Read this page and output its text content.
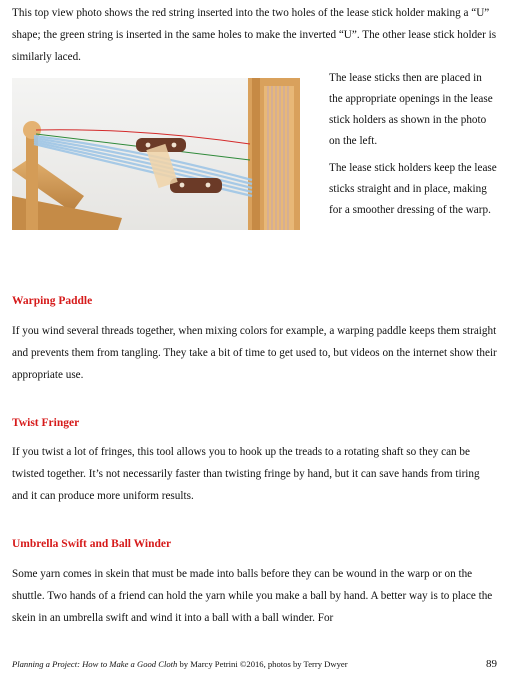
This top view photo shows the red string inserted into the two holes of the lease stick holder making a “U” shape; the green string is inserted in the same holes to make the inverted “U”. The other lease stick holder is similarly laced.

The lease sticks then are placed in the appropriate openings in the lease stick holders as shown in the photo on the left.

The lease stick holders keep the lease sticks straight and in place, making for a smoother dressing of the warp.

Warping Paddle

If you wind several threads together, when mixing colors for example, a warping paddle keeps them straight and prevents them from tangling. They take a bit of time to get used to, but videos on the internet show their appropriate use.

Twist Fringer

If you twist a lot of fringes, this tool allows you to hook up the treads to a rotating shaft so they can be twisted together. It’s not necessarily faster than twisting fringe by hand, but it can save hands from tiring and it can produce more uniform results.

Umbrella Swift and Ball Winder

Some yarn comes in skein that must be made into balls before they can be wound in the warp or on the shuttle. Two hands of a friend can hold the yarn while you make a ball by hand. A better way is to place the skein in an umbrella swift and wind it into a ball with a ball winder. For

Planning a Project: How to Make a Good Cloth by Marcy Petrini ©2016, photos by Terry Dwyer	89
